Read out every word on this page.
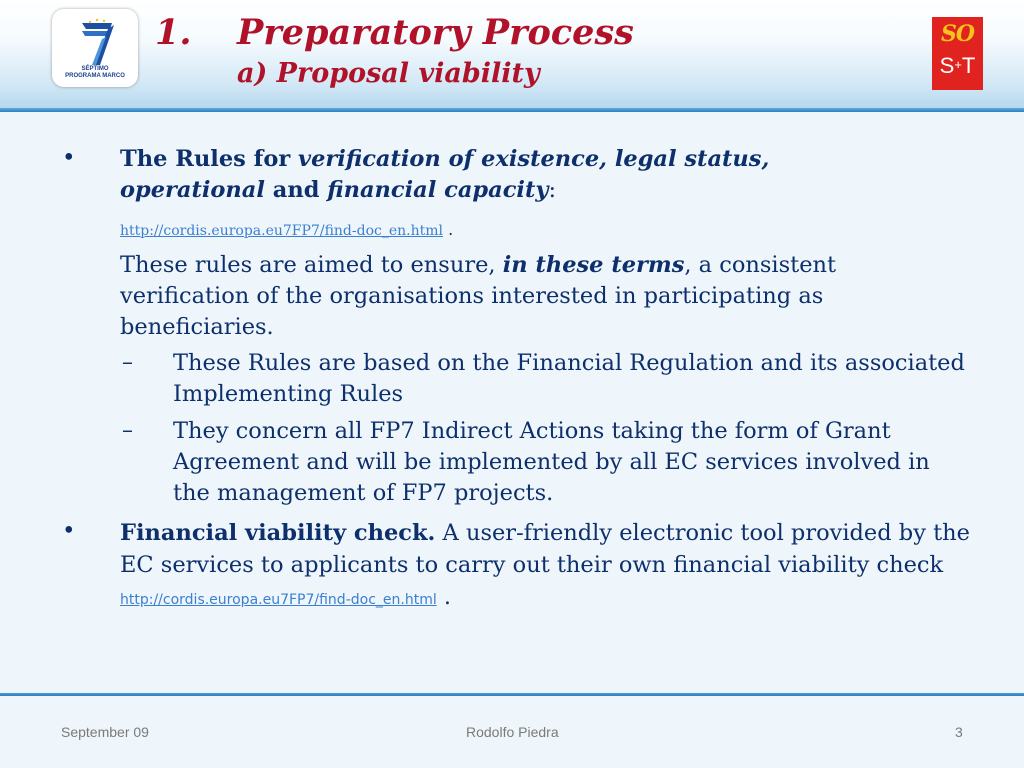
SÉPTIMO
PROGRAMA MARCO
1. Preparatory Process
a) Proposal viability
SO
S+T
• The Rules for verification of existence, legal status,
operational and financial capacity:
http://cordis.europa.eu7FP7/find-doc_en.html .
These rules are aimed to ensure, in these terms, a consistent verification of the organisations interested in participating as beneficiaries.
– These Rules are based on the Financial Regulation and its associated Implementing Rules
– They concern all FP7 Indirect Actions taking the form of Grant Agreement and will be implemented by all EC services involved in the management of FP7 projects.
• Financial viability check. A user-friendly electronic tool provided by the EC services to applicants to carry out their own financial viability check http://cordis.europa.eu7FP7/find-doc_en.html .
September 09	Rodolfo Piedra	3
